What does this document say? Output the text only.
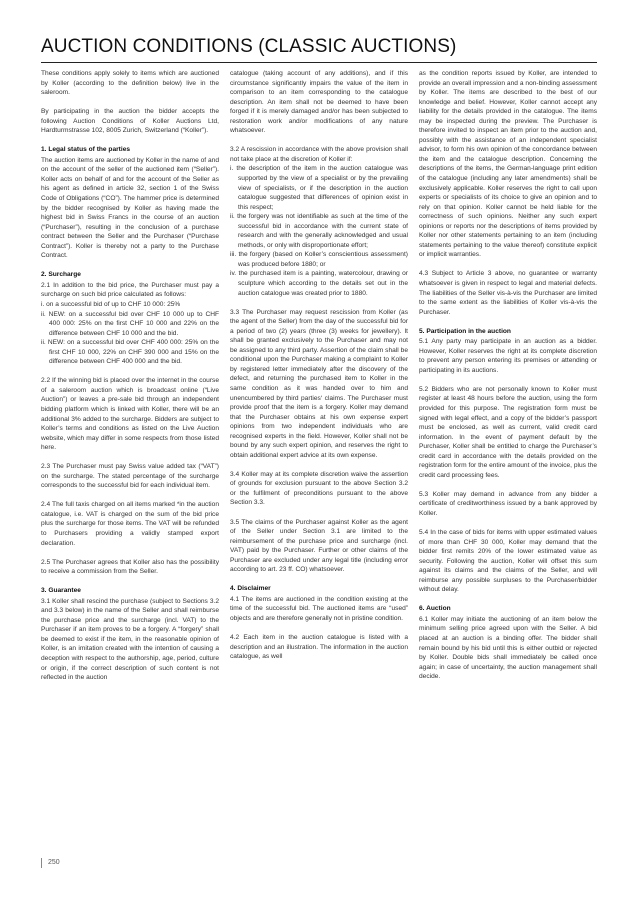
AUCTION CONDITIONS (CLASSIC AUCTIONS)
These conditions apply solely to items which are auctioned by Koller (according to the definition below) live in the saleroom.
By participating in the auction the bidder accepts the following Auction Conditions of Koller Auctions Ltd, Hardturmstrasse 102, 8005 Zurich, Switzerland (“Koller”).
1. Legal status of the parties
The auction items are auctioned by Koller in the name of and on the account of the seller of the auctioned item (“Seller”). Koller acts on behalf of and for the account of the Seller as his agent as defined in article 32, section 1 of the Swiss Code of Obligations (“CO”). The hammer price is determined by the bidder recognised by Koller as having made the highest bid in Swiss Francs in the course of an auction (“Purchaser”), resulting in the conclusion of a purchase contract between the Seller and the Purchaser (“Purchase Contract”). Koller is thereby not a party to the Purchase Contract.
2. Surcharge
2.1 In addition to the bid price, the Purchaser must pay a surcharge on such bid price calculated as follows:
i. on a successful bid of up to CHF 10 000: 25%
ii. NEW: on a successful bid over CHF 10 000 up to CHF 400 000: 25% on the first CHF 10 000 and 22% on the difference between CHF 10 000 and the bid.
ii. NEW: on a successful bid over CHF 400 000: 25% on the first CHF 10 000, 22% on CHF 390 000 and 15% on the difference between CHF 400 000 and the bid.
2.2 If the winning bid is placed over the internet in the course of a saleroom auction which is broadcast online (“Live Auction”) or leaves a pre-sale bid through an independent bidding platform which is linked with Koller, there will be an additional 3% added to the surcharge. Bidders are subject to Koller’s terms and conditions as listed on the Live Auction website, which may differ in some respects from those listed here.
2.3 The Purchaser must pay Swiss value added tax (“VAT”) on the surcharge. The stated percentage of the surcharge corresponds to the successful bid for each individual item.
2.4 The full taxis charged on all items marked *in the auction catalogue, i.e. VAT is charged on the sum of the bid price plus the surcharge for those items. The VAT will be refunded to Purchasers providing a validly stamped export declaration.
2.5 The Purchaser agrees that Koller also has the possibility to receive a commission from the Seller.
3. Guarantee
3.1 Koller shall rescind the purchase (subject to Sections 3.2 and 3.3 below) in the name of the Seller and shall reimburse the purchase price and the surcharge (incl. VAT) to the Purchaser if an item proves to be a forgery. A “forgery” shall be deemed to exist if the item, in the reasonable opinion of Koller, is an imitation created with the intention of causing a deception with respect to the authorship, age, period, culture or origin, if the correct description of such content is not reflected in the auction
catalogue (taking account of any additions), and if this circumstance significantly impairs the value of the item in comparison to an item corresponding to the catalogue description. An item shall not be deemed to have been forged if it is merely damaged and/or has been subjected to restoration work and/or modifications of any nature whatsoever.
3.2 A rescission in accordance with the above provision shall not take place at the discretion of Koller if:
i. the description of the item in the auction catalogue was supported by the view of a specialist or by the prevailing view of specialists, or if the description in the auction catalogue suggested that differences of opinion exist in this respect;
ii. the forgery was not identifiable as such at the time of the successful bid in accordance with the current state of research and with the generally acknowledged and usual methods, or only with disproportionate effort;
iii. the forgery (based on Koller’s conscientious assessment) was produced before 1880; or
iv. the purchased item is a painting, watercolour, drawing or sculpture which according to the details set out in the auction catalogue was created prior to 1880.
3.3 The Purchaser may request rescission from Koller (as the agent of the Seller) from the day of the successful bid for a period of two (2) years (three (3) weeks for jewellery). It shall be granted exclusively to the Purchaser and may not be assigned to any third party. Assertion of the claim shall be conditional upon the Purchaser making a complaint to Koller by registered letter immediately after the discovery of the defect, and returning the purchased item to Koller in the same condition as it was handed over to him and unencumbered by third parties‘ claims. The Purchaser must provide proof that the item is a forgery. Koller may demand that the Purchaser obtains at his own expense expert opinions from two independent individuals who are recognised experts in the field. However, Koller shall not be bound by any such expert opinion, and reserves the right to obtain additional expert advice at its own expense.
3.4 Koller may at its complete discretion waive the assertion of grounds for exclusion pursuant to the above Section 3.2 or the fulfilment of preconditions pursuant to the above Section 3.3.
3.5 The claims of the Purchaser against Koller as the agent of the Seller under Section 3.1 are limited to the reimbursement of the purchase price and surcharge (incl. VAT) paid by the Purchaser. Further or other claims of the Purchaser are excluded under any legal title (including error according to art. 23 ff. CO) whatsoever.
4. Disclaimer
4.1 The items are auctioned in the condition existing at the time of the successful bid. The auctioned items are “used” objects and are therefore generally not in pristine condition.
4.2 Each item in the auction catalogue is listed with a description and an illustration. The information in the auction catalogue, as well
as the condition reports issued by Koller, are intended to provide an overall impression and a non-binding assessment by Koller. The items are described to the best of our knowledge and belief. However, Koller cannot accept any liability for the details provided in the catalogue. The items may be inspected during the preview. The Purchaser is therefore invited to inspect an item prior to the auction and, possibly with the assistance of an independent specialist advisor, to form his own opinion of the concordance between the item and the catalogue description. Concerning the descriptions of the items, the German-language print edition of the catalogue (including any later amendments) shall be exclusively applicable. Koller reserves the right to call upon experts or specialists of its choice to give an opinion and to rely on that opinion. Koller cannot be held liable for the correctness of such opinions. Neither any such expert opinions or reports nor the descriptions of items provided by Koller nor other statements pertaining to an item (including statements pertaining to the value thereof) constitute explicit or implicit warranties.
4.3 Subject to Article 3 above, no guarantee or warranty whatsoever is given in respect to legal and material defects. The liabilities of the Seller vis-à-vis the Purchaser are limited to the same extent as the liabilities of Koller vis-à-vis the Purchaser.
5. Participation in the auction
5.1 Any party may participate in an auction as a bidder. However, Koller reserves the right at its complete discretion to prevent any person entering its premises or attending or participating in its auctions.
5.2 Bidders who are not personally known to Koller must register at least 48 hours before the auction, using the form provided for this purpose. The registration form must be signed with legal effect, and a copy of the bidder’s passport must be enclosed, as well as current, valid credit card information. In the event of payment default by the Purchaser, Koller shall be entitled to charge the Purchaser’s credit card in accordance with the details provided on the registration form for the entire amount of the invoice, plus the credit card processing fees.
5.3 Koller may demand in advance from any bidder a certificate of creditworthiness issued by a bank approved by Koller.
5.4 In the case of bids for items with upper estimated values of more than CHF 30 000, Koller may demand that the bidder first remits 20% of the lower estimated value as security. Following the auction, Koller will offset this sum against its claims and the claims of the Seller, and will reimburse any possible surpluses to the Purchaser/bidder without delay.
6. Auction
6.1 Koller may initiate the auctioning of an item below the minimum selling price agreed upon with the Seller. A bid placed at an auction is a binding offer. The bidder shall remain bound by his bid until this is either outbid or rejected by Koller. Double bids shall immediately be called once again; in case of uncertainty, the auction management shall decide.
250
